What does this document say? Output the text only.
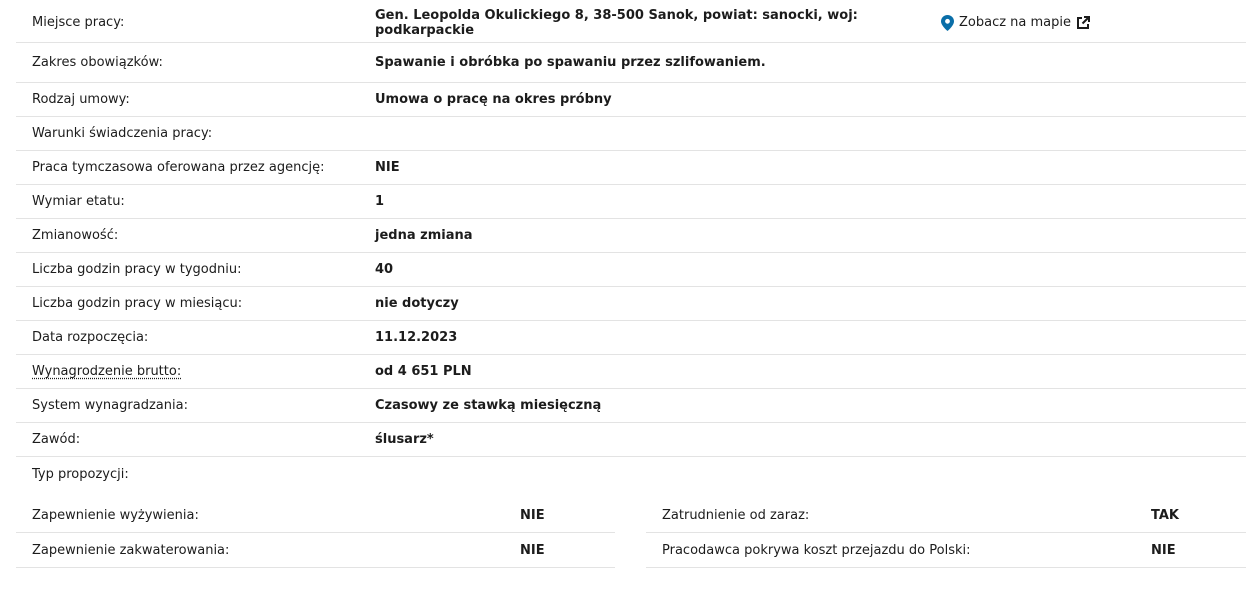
Miejsce pracy:	Gen. Leopolda Okulickiego 8, 38-500 Sanok, powiat: sanocki, woj: podkarpackie	Zobacz na mapie
Zakres obowiązków:	Spawanie i obróbka po spawaniu przez szlifowaniem.
Rodzaj umowy:	Umowa o pracę na okres próbny
Warunki świadczenia pracy:
Praca tymczasowa oferowana przez agencję:	NIE
Wymiar etatu:	1
Zmianowość:	jedna zmiana
Liczba godzin pracy w tygodniu:	40
Liczba godzin pracy w miesiącu:	nie dotyczy
Data rozpoczęcia:	11.12.2023
Wynagrodzenie brutto:	od 4 651 PLN
System wynagradzania:	Czasowy ze stawką miesięczną
Zawód:	ślusarz*
Typ propozycji:
Zapewnienie wyżywienia:	NIE
Zapewnienie zakwaterowania:	NIE
Zatrudnienie od zaraz:	TAK
Pracodawca pokrywa koszt przejazdu do Polski:	NIE
